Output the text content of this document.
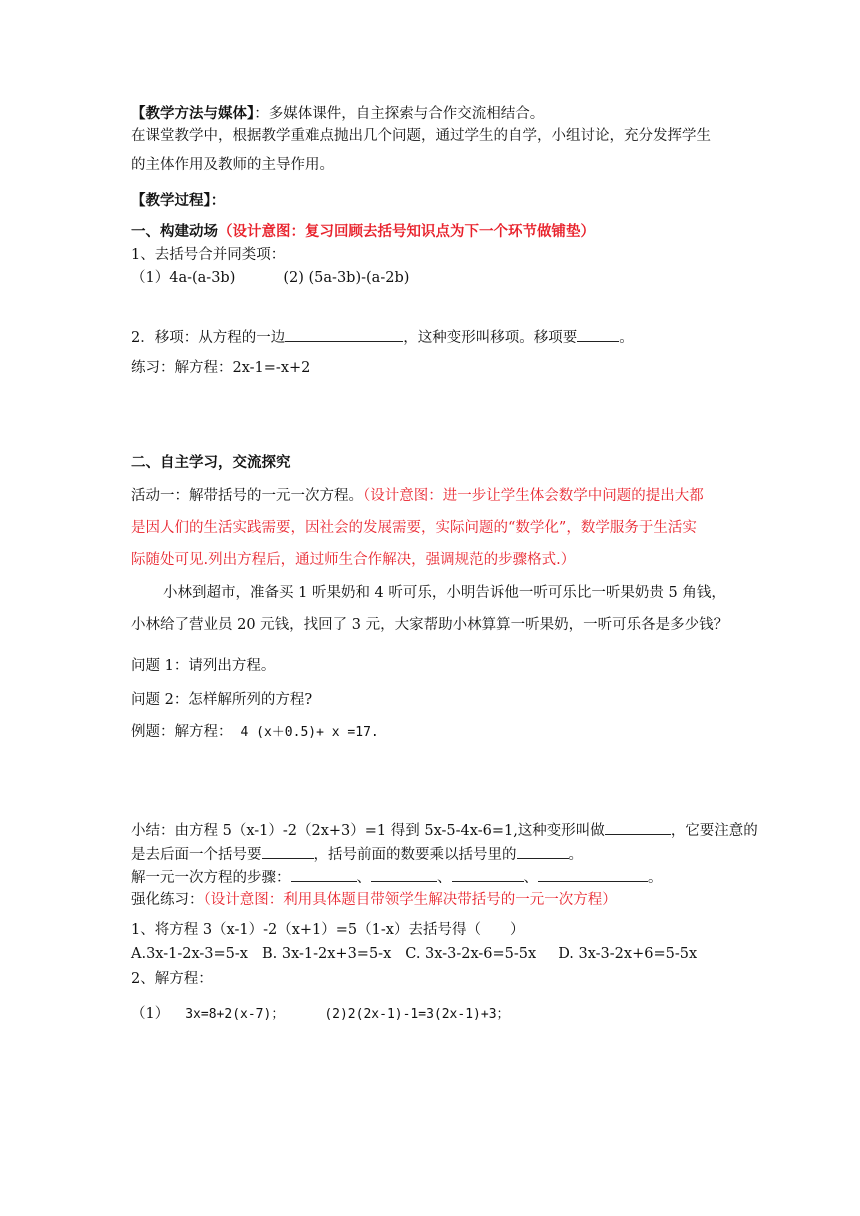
【教学方法与媒体】：多媒体课件，自主探索与合作交流相结合。
在课堂教学中，根据教学重难点抛出几个问题，通过学生的自学，小组讨论，充分发挥学生
的主体作用及教师的主导作用。
【教学过程】：
一、构建动场（设计意图：复习回顾去括号知识点为下一个环节做铺垫）
1、去括号合并同类项：
（1）4a-(a-3b)	(2) (5a-3b)-(a-2b)
2．移项：从方程的一边	，这种变形叫移项。移项要	。
练习：解方程：2x-1=-x+2
二、自主学习，交流探究
活动一：解带括号的一元一次方程。（设计意图：进一步让学生体会数学中问题的提出大都
是因人们的生活实践需要，因社会的发展需要，实际问题的“数学化”，数学服务于生活实
际随处可见.列出方程后，通过师生合作解决，强调规范的步骤格式.）
小林到超市，准备买 1 听果奶和 4 听可乐，小明告诉他一听可乐比一听果奶贵 5 角钱，
小林给了营业员 20 元钱，找回了 3 元，大家帮助小林算算一听果奶，一听可乐各是多少钱？
问题 1：请列出方程。
问题 2：怎样解所列的方程?
例题：解方程： 4 (x＋0.5)+ x =17.
小结：由方程 5（x-1）-2（2x+3）=1 得到 5x-5-4x-6=1,这种变形叫做	，它要注意的
是去后面一个括号要	，括号前面的数要乘以括号里的	。
解一元一次方程的步骤：	、	、	、	。
强化练习：（设计意图：利用具体题目带领学生解决带括号的一元一次方程）
1、将方程 3（x-1）-2（x+1）=5（1-x）去括号得（　　）
A.3x-1-2x-3=5-x B. 3x-1-2x+3=5-x C. 3x-3-2x-6=5-5x D. 3x-3-2x+6=5-5x
2、解方程：
（1） 3x=8+2(x-7)；	(2)2(2x-1)-1=3(2x-1)+3；
